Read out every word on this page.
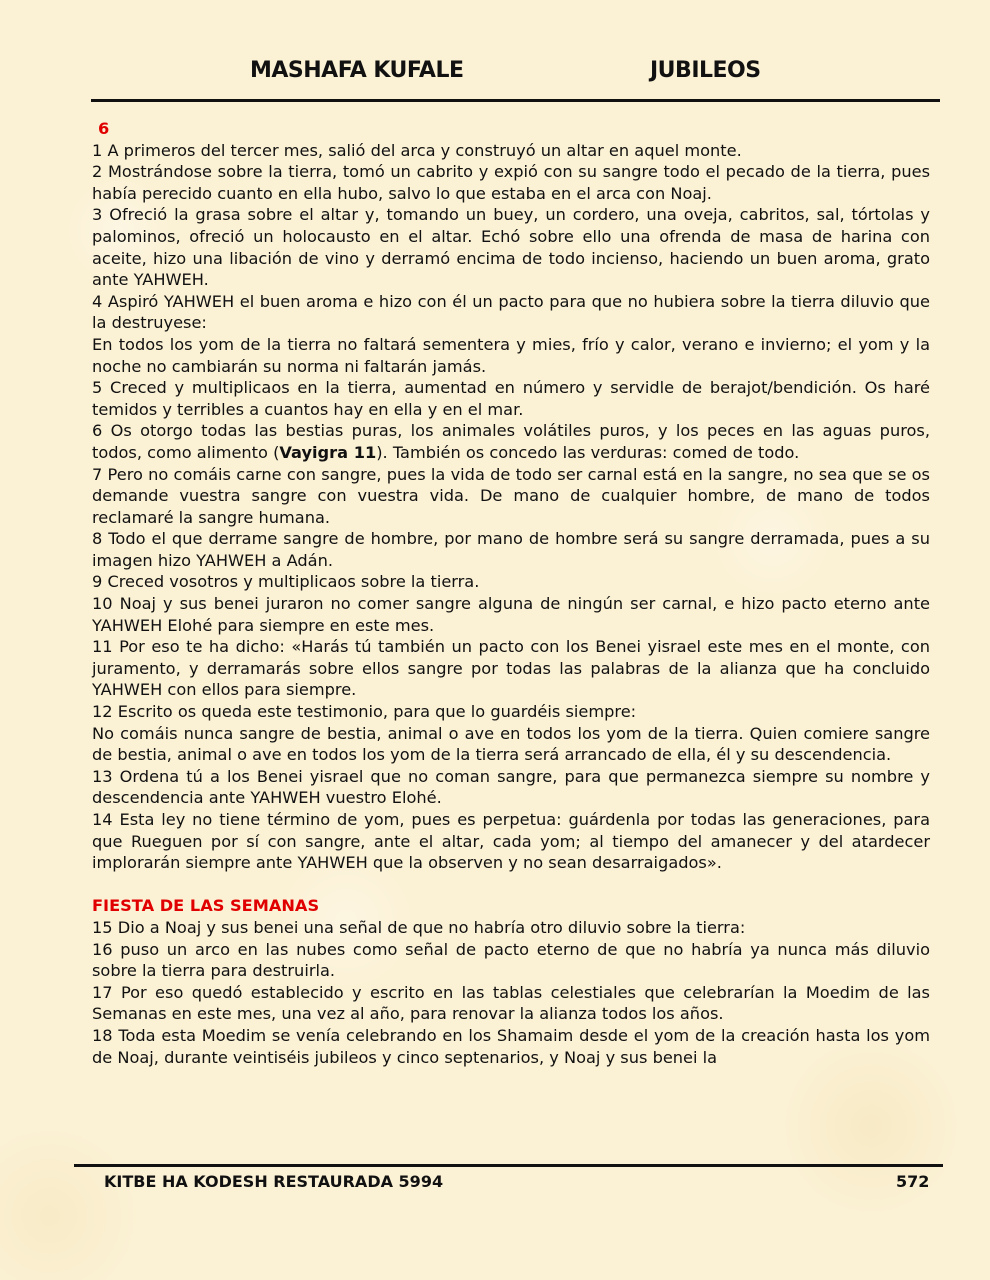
MASHAFA KUFALE	JUBILEOS

6

1 A primeros del tercer mes, salió del arca y construyó un altar en aquel monte.

2 Mostrándose sobre la tierra, tomó un cabrito y expió con su sangre todo el pecado de la tierra, pues había perecido cuanto en ella hubo, salvo lo que estaba en el arca con Noaj.

3 Ofreció la grasa sobre el altar y, tomando un buey, un cordero, una oveja, cabritos, sal, tórtolas y palominos, ofreció un holocausto en el altar. Echó sobre ello una ofrenda de masa de harina con aceite, hizo una libación de vino y derramó encima de todo incienso, haciendo un buen aroma, grato ante YAHWEH.

4 Aspiró YAHWEH el buen aroma e hizo con él un pacto para que no hubiera sobre la tierra diluvio que la destruyese:

En todos los yom de la tierra no faltará sementera y mies, frío y calor, verano e invierno; el yom y la noche no cambiarán su norma ni faltarán jamás.

5 Creced y multiplicaos en la tierra, aumentad en número y servidle de berajot/bendición. Os haré temidos y terribles a cuantos hay en ella y en el mar.

6 Os otorgo todas las bestias puras, los animales volátiles puros, y los peces en las aguas puros, todos, como alimento (Vayigra 11). También os concedo las verduras: comed de todo.

7 Pero no comáis carne con sangre, pues la vida de todo ser carnal está en la sangre, no sea que se os demande vuestra sangre con vuestra vida. De mano de cualquier hombre, de mano de todos reclamaré la sangre humana.

8 Todo el que derrame sangre de hombre, por mano de hombre será su sangre derramada, pues a su imagen hizo YAHWEH a Adán.

9 Creced vosotros y multiplicaos sobre la tierra.

10 Noaj y sus benei juraron no comer sangre alguna de ningún ser carnal, e hizo pacto eterno ante YAHWEH Elohé para siempre en este mes.

11 Por eso te ha dicho: «Harás tú también un pacto con los Benei yisrael este mes en el monte, con juramento, y derramarás sobre ellos sangre por todas las palabras de la alianza que ha concluido YAHWEH con ellos para siempre.

12 Escrito os queda este testimonio, para que lo guardéis siempre:

No comáis nunca sangre de bestia, animal o ave en todos los yom de la tierra. Quien comiere sangre de bestia, animal o ave en todos los yom de la tierra será arrancado de ella, él y su descendencia.

13 Ordena tú a los Benei yisrael que no coman sangre, para que permanezca siempre su nombre y descendencia ante YAHWEH vuestro Elohé.

14 Esta ley no tiene término de yom, pues es perpetua: guárdenla por todas las generaciones, para que Rueguen por sí con sangre, ante el altar, cada yom; al tiempo del amanecer y del atardecer implorarán siempre ante YAHWEH que la observen y no sean desarraigados».

FIESTA DE LAS SEMANAS

15 Dio a Noaj y sus benei una señal de que no habría otro diluvio sobre la tierra:

16 puso un arco en las nubes como señal de pacto eterno de que no habría ya nunca más diluvio sobre la tierra para destruirla.

17 Por eso quedó establecido y escrito en las tablas celestiales que celebrarían la Moedim de las Semanas en este mes, una vez al año, para renovar la alianza todos los años.

18 Toda esta Moedim se venía celebrando en los Shamaim desde el yom de la creación hasta los yom de Noaj, durante veintiséis jubileos y cinco septenarios, y Noaj y sus benei la

KITBE HA KODESH RESTAURADA 5994	572
